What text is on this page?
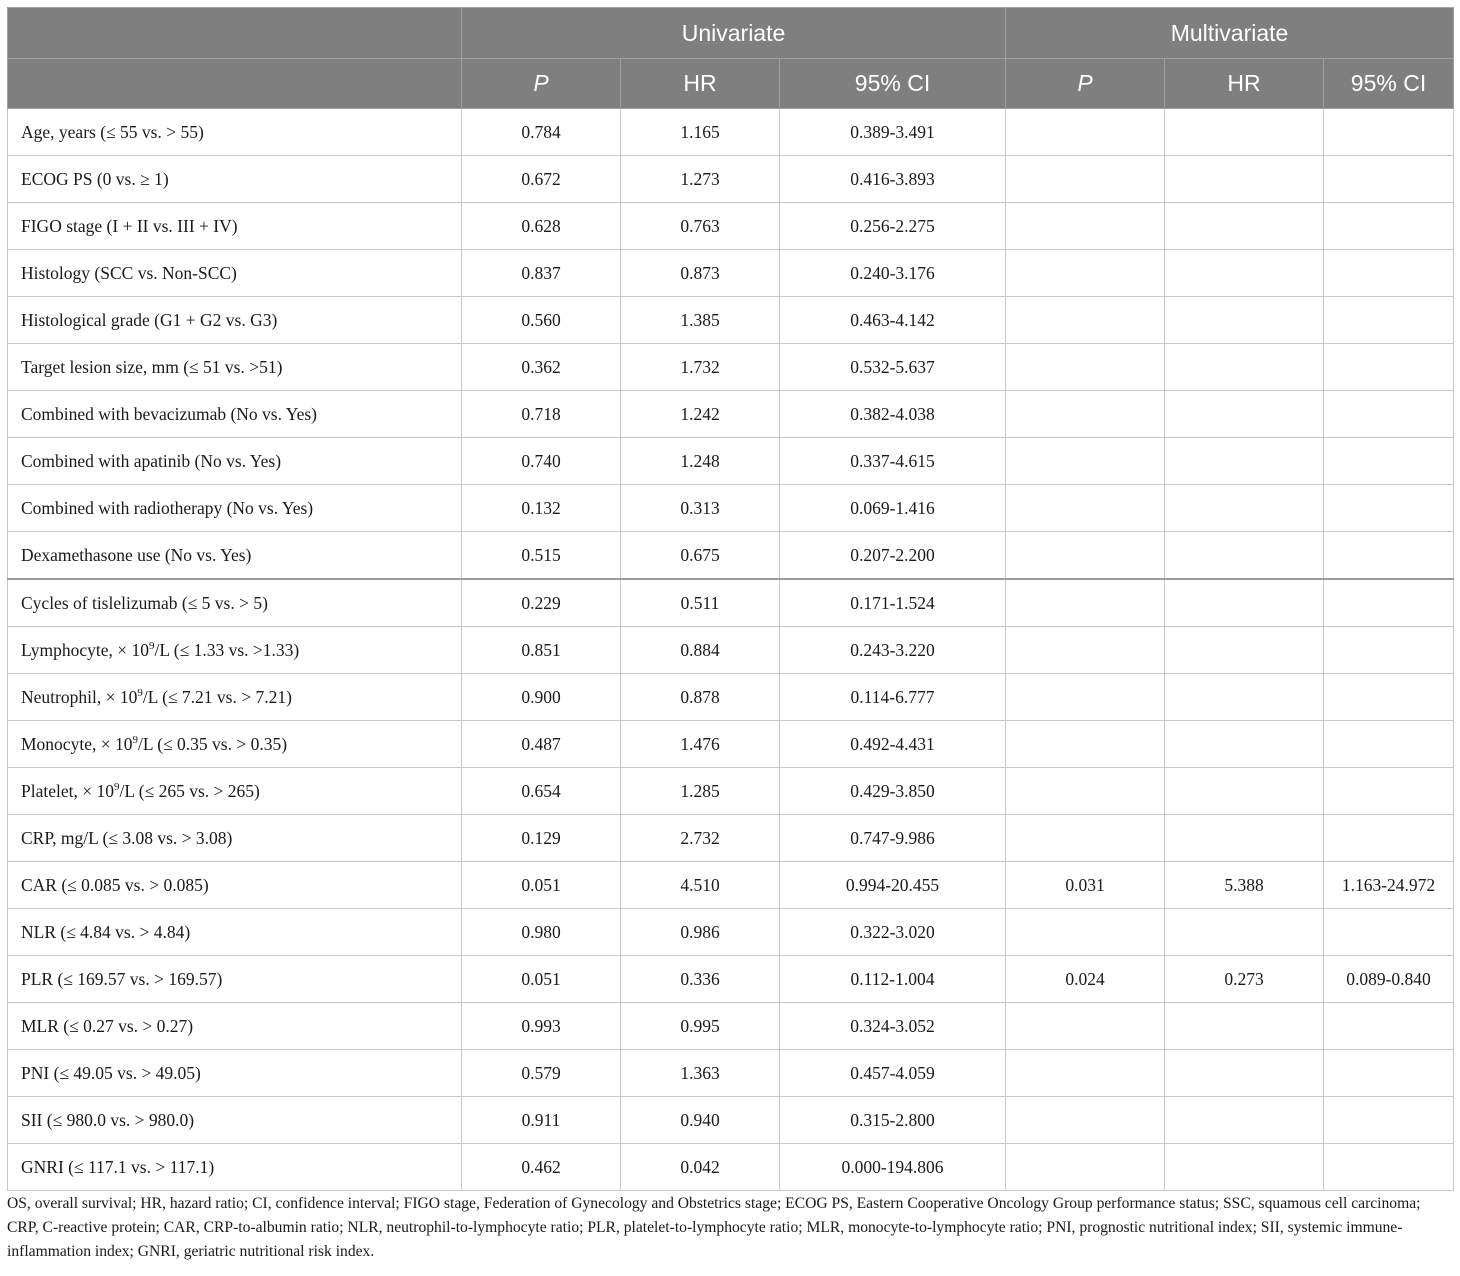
	Univariate			Multivariate		
	P	HR	95% CI	P	HR	95% CI
Age, years (≤ 55 vs. > 55)	0.784	1.165	0.389-3.491			
ECOG PS (0 vs. ≥ 1)	0.672	1.273	0.416-3.893			
FIGO stage (I + II vs. III + IV)	0.628	0.763	0.256-2.275			
Histology (SCC vs. Non-SCC)	0.837	0.873	0.240-3.176			
Histological grade (G1 + G2 vs. G3)	0.560	1.385	0.463-4.142			
Target lesion size, mm (≤ 51 vs. >51)	0.362	1.732	0.532-5.637			
Combined with bevacizumab (No vs. Yes)	0.718	1.242	0.382-4.038			
Combined with apatinib (No vs. Yes)	0.740	1.248	0.337-4.615			
Combined with radiotherapy (No vs. Yes)	0.132	0.313	0.069-1.416			
Dexamethasone use (No vs. Yes)	0.515	0.675	0.207-2.200			
Cycles of tislelizumab (≤ 5 vs. > 5)	0.229	0.511	0.171-1.524			
Lymphocyte, × $10^9/L$ (≤ 1.33 vs. >1.33)	0.851	0.884	0.243-3.220			
Neutrophil, × $10^9/L$ (≤ 7.21 vs. > 7.21)	0.900	0.878	0.114-6.777			
Monocyte, × $10^9/L$ (≤ 0.35 vs. > 0.35)	0.487	1.476	0.492-4.431			
Platelet, × $10^9/L$ (≤ 265 vs. > 265)	0.654	1.285	0.429-3.850			
CRP, mg/L (≤ 3.08 vs. > 3.08)	0.129	2.732	0.747-9.986			
CAR (≤ 0.085 vs. > 0.085)	0.051	4.510	0.994-20.455	0.031	5.388	1.163-24.972
NLR (≤ 4.84 vs. > 4.84)	0.980	0.986	0.322-3.020			
PLR (≤ 169.57 vs. > 169.57)	0.051	0.336	0.112-1.004	0.024	0.273	0.089-0.840
MLR (≤ 0.27 vs. > 0.27)	0.993	0.995	0.324-3.052			
PNI (≤ 49.05 vs. > 49.05)	0.579	1.363	0.457-4.059			
SII (≤ 980.0 vs. > 980.0)	0.911	0.940	0.315-2.800			
GNRI (≤ 117.1 vs. > 117.1)	0.462	0.042	0.000-194.806			
OS, overall survival; HR, hazard ratio; CI, confidence interval; FIGO stage, Federation of Gynecology and Obstetrics stage; ECOG PS, Eastern Cooperative Oncology Group performance status; SSC, squamous cell carcinoma; CRP, C-reactive protein; CAR, CRP-to-albumin ratio; NLR, neutrophil-to-lymphocyte ratio; PLR, platelet-to-lymphocyte ratio; MLR, monocyte-to-lymphocyte ratio; PNI, prognostic nutritional index; SII, systemic immune-inflammation index; GNRI, geriatric nutritional risk index.
